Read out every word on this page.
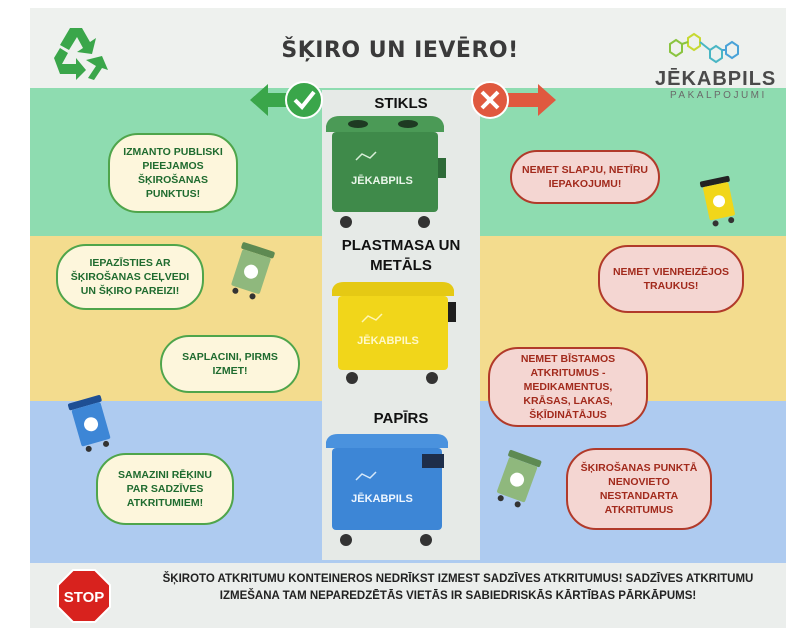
ŠĶIRO UN IEVĒRO!
JĒKABPILS
PAKALPOJUMI
STIKLS
JĒKABPILS
PLASTMASA UN METĀLS
JĒKABPILS
PAPĪRS
JĒKABPILS
IZMANTO PUBLISKI PIEEJAMOS ŠĶIROŠANAS PUNKTUS!
IEPAZĪSTIES AR ŠĶIROŠANAS CEĻVEDI UN ŠĶIRO PAREIZI!
SAPLACINI, PIRMS IZMET!
SAMAZINI RĒĶINU PAR SADZĪVES ATKRITUMIEM!
NEMET SLAPJU, NETĪRU IEPAKOJUMU!
NEMET VIENREIZĒJOS TRAUKUS!
NEMET BĪSTAMOS ATKRITUMUS - MEDIKAMENTUS, KRĀSAS, LAKAS, ŠĶĪDINĀTĀJUS
ŠĶIROŠANAS PUNKTĀ NENOVIETO NESTANDARTA ATKRITUMUS
STOP
ŠĶIROTO ATKRITUMU KONTEINEROS NEDRĪKST IZMEST SADZĪVES ATKRITUMUS! SADZĪVES ATKRITUMU IZMEŠANA TAM NEPAREDZĒTĀS VIETĀS IR SABIEDRISKĀS KĀRTĪBAS PĀRKĀPUMS!
